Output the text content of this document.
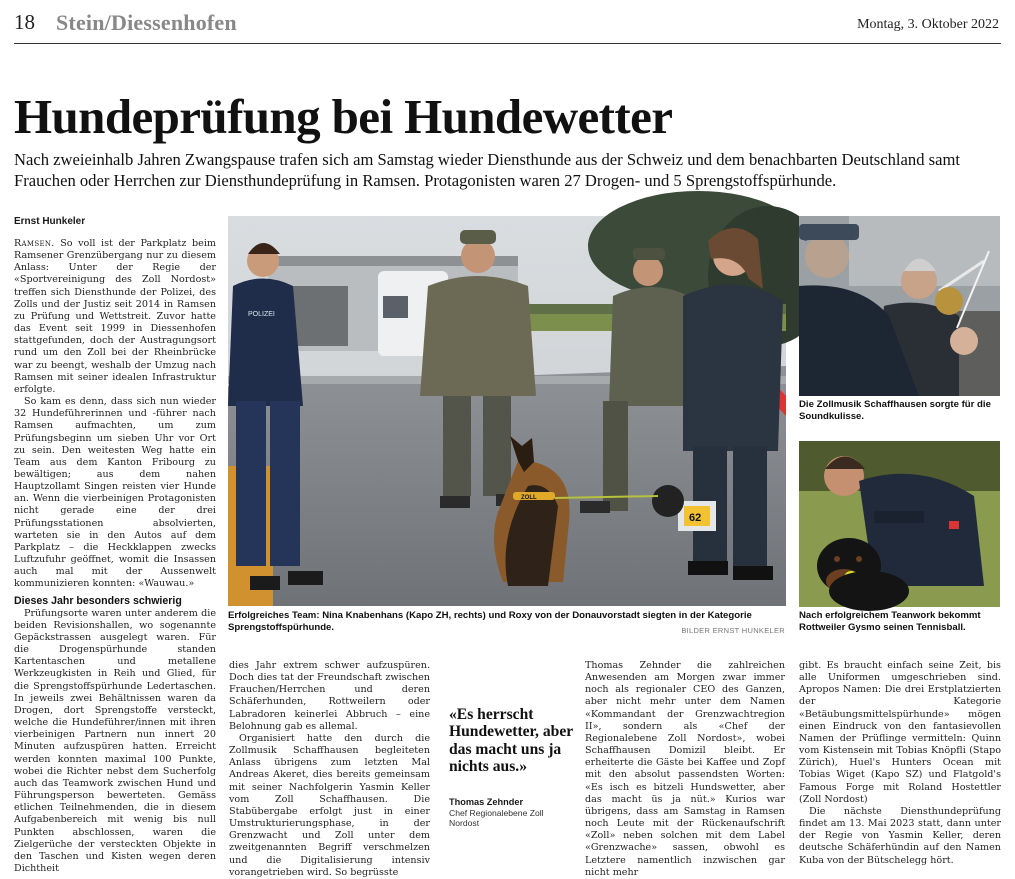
18 Stein/Diessenhofen	Montag, 3. Oktober 2022
Hundeprüfung bei Hundewetter

Nach zweieinhalb Jahren Zwangspause trafen sich am Samstag wieder Diensthunde aus der Schweiz und dem benachbarten Deutschland samt Frauchen oder Herrchen zur Diensthundeprüfung in Ramsen. Protagonisten waren 27 Drogen- und 5 Sprengstoffspürhunde.

Ernst Hunkeler

Ramsen. So voll ist der Parkplatz beim Ramsener Grenzübergang nur zu diesem Anlass: Unter der Regie der «Sportvereinigung des Zoll Nordost» treffen sich Diensthunde der Polizei, des Zolls und der Justiz seit 2014 in Ramsen zu Prüfung und Wettstreit. Zuvor hatte das Event seit 1999 in Diessenhofen stattgefunden, doch der Austragungsort rund um den Zoll bei der Rheinbrücke war zu beengt, weshalb der Umzug nach Ramsen mit seiner idealen Infrastruktur erfolgte.

So kam es denn, dass sich nun wieder 32 Hundeführerinnen und -führer nach Ramsen aufmachten, um zum Prüfungsbeginn um sieben Uhr vor Ort zu sein. Den weitesten Weg hatte ein Team aus dem Kanton Fribourg zu bewältigen; aus dem nahen Hauptzollamt Singen reisten vier Hunde an. Wenn die vierbeinigen Protagonisten nicht gerade eine der drei Prüfungsstationen absolvierten, warteten sie in den Autos auf dem Parkplatz – die Heckklappen zwecks Luftzufuhr geöffnet, womit die Insassen auch mal mit der Aussenwelt kommunizieren konnten: «Wauwau.»

Dieses Jahr besonders schwierig

Prüfungsorte waren unter anderem die beiden Revisionshallen, wo sogenannte Gepäckstrassen ausgelegt waren. Für die Drogenspürhunde standen Kartentaschen und metallene Werkzeugkisten in Reih und Glied, für die Sprengstoffspürhunde Ledertaschen. In jeweils zwei Behältnissen waren da Drogen, dort Sprengstoffe versteckt, welche die Hundeführer/innen mit ihren vierbeinigen Partnern nun innert 20 Minuten aufzuspüren hatten. Erreicht werden konnten maximal 100 Punkte, wobei die Richter nebst dem Sucherfolg auch das Teamwork zwischen Hund und Führungsperson bewerteten. Gemäss etlichen Teilnehmenden, die in diesem Aufgabenbereich mit wenig bis null Punkten abschlossen, waren die Zielgerüche der versteckten Objekte in den Taschen und Kisten wegen deren Dichtheit

POLIZEI
62
ZOLL
Die Zollmusik Schaffhausen sorgte für die Soundkulisse.
Erfolgreiches Team: Nina Knabenhans (Kapo ZH, rechts) und Roxy von der Donauvorstadt siegten in der Kategorie Sprengstoffspürhunde.	BILDER ERNST HUNKELER
Nach erfolgreichem Teanwork bekommt Rottweiler Gysmo seinen Tennisball.

dies Jahr extrem schwer aufzuspüren. Doch dies tat der Freundschaft zwischen Frauchen/Herrchen und deren Schäferhunden, Rottweilern oder Labradoren keinerlei Abbruch – eine Belohnung gab es allemal.

Organisiert hatte den durch die Zollmusik Schaffhausen begleiteten Anlass übrigens zum letzten Mal Andreas Akeret, dies bereits gemeinsam mit seiner Nachfolgerin Yasmin Keller vom Zoll Schaffhausen. Die Stabübergabe erfolgt just in einer Umstrukturierungsphase, in der Grenzwacht und Zoll unter dem zweitgenannten Begriff verschmelzen und die Digitalisierung intensiv vorangetrieben wird. So begrüsste

«Es herrscht Hundewetter, aber das macht uns ja nichts aus.»
Thomas Zehnder
Chef Regionalebene Zoll Nordost

Thomas Zehnder die zahlreichen Anwesenden am Morgen zwar immer noch als regionaler CEO des Ganzen, aber nicht mehr unter dem Namen «Kommandant der Grenzwachtregion II», sondern als «Chef der Regionalebene Zoll Nordost», wobei Schaffhausen Domizil bleibt. Er erheiterte die Gäste bei Kaffee und Zopf mit den absolut passendsten Worten: «Es isch es bitzeli Hundswetter, aber das macht üs ja nüt.» Kurios war übrigens, dass am Samstag in Ramsen noch Leute mit der Rückenaufschrift «Zoll» neben solchen mit dem Label «Grenzwache» sassen, obwohl es Letztere namentlich inzwischen gar nicht mehr

gibt. Es braucht einfach seine Zeit, bis alle Uniformen umgeschrieben sind. Apropos Namen: Die drei Erstplatzierten der Kategorie «Betäubungsmittelspürhunde» mögen einen Eindruck von den fantasievollen Namen der Prüflinge vermitteln: Quinn vom Kistensein mit Tobias Knöpfli (Stapo Zürich), Huel's Hunters Ocean mit Tobias Wiget (Kapo SZ) und Flatgold's Famous Forge mit Roland Hostettler (Zoll Nordost)

Die nächste Diensthundeprüfung findet am 13. Mai 2023 statt, dann unter der Regie von Yasmin Keller, deren deutsche Schäferhündin auf den Namen Kuba von der Bütschelegg hört.
